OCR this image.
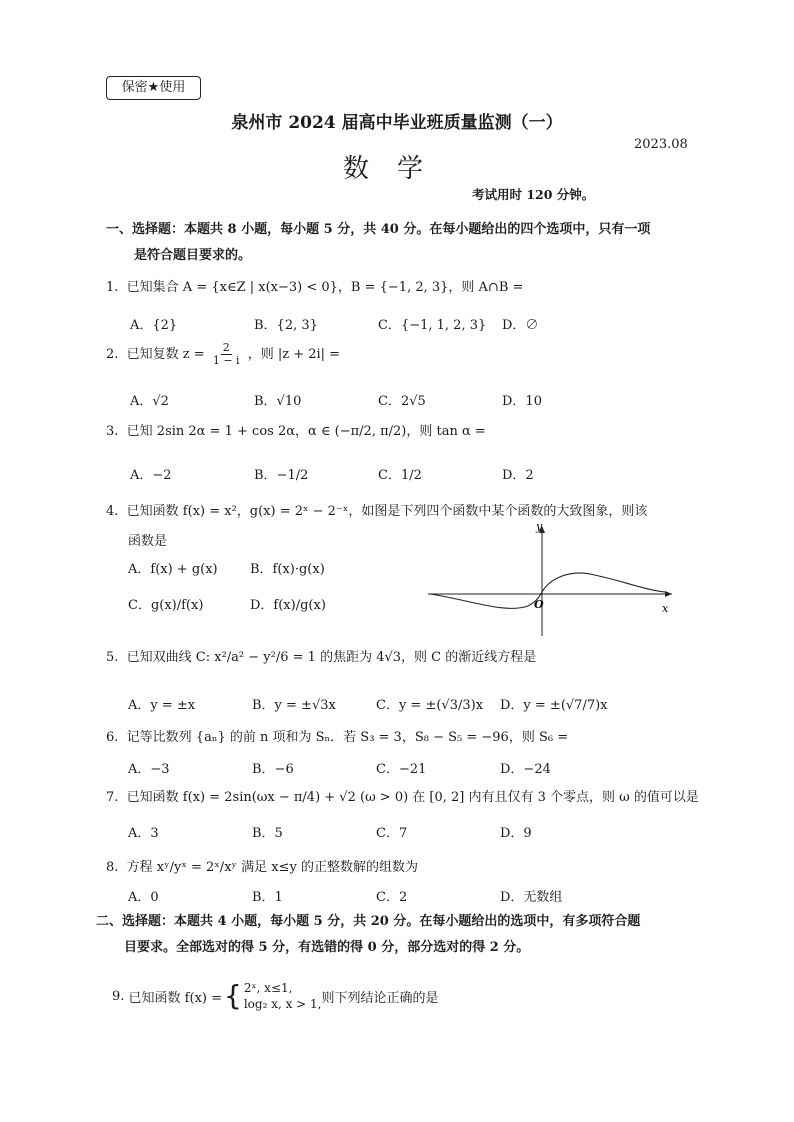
保密★使用
泉州市 2024 届高中毕业班质量监测（一）
2023.08
数学
考试用时 120 分钟。
一、选择题：本题共 8 小题，每小题 5 分，共 40 分。在每小题给出的四个选项中，只有一项
是符合题目要求的。
1. 已知集合 A = {x∈Z | x(x−3) < 0}，B = {−1, 2, 3}，则 A∩B =
A．{2}	B．{2, 3}	C．{−1, 1, 2, 3} D．∅
2. 已知复数 $z = \frac{2}{1 - i}$ ，则 |z + 2i| =
A．√2	B．√10	C．2√5	D．10
3. 已知 2sin 2α = 1 + cos 2α，α ∈ (−π/2, π/2)，则 tan α =
A．−2	B．−1/2	C．1/2	D．2
4. 已知函数 f(x) = x²，g(x) = 2ˣ − 2⁻ˣ，如图是下列四个函数中某个函数的大致图象，则该
函数是
A．f(x) + g(x) B．f(x)·g(x)
C．g(x)/f(x)	D．f(x)/g(x)
y
x
O
5. 已知双曲线 C: x²/a² − y²/6 = 1 的焦距为 4√3，则 C 的渐近线方程是
A．y = ±x	B．y = ±√3x	C．y = ±(√3/3)x D．y = ±(√7/7)x
6. 记等比数列 {aₙ} 的前 n 项和为 Sₙ．若 S₃ = 3，S₈ − S₅ = −96，则 S₆ =
A．−3	B．−6	C．−21	D．−24
7. 已知函数 f(x) = 2sin(ωx − π/4) + √2 (ω > 0) 在 [0, 2] 内有且仅有 3 个零点，则 ω 的值可以是
A．3	B．5	C．7	D．9
8. 方程 xʸ/yˣ = 2ˣ/xʸ 满足 x≤y 的正整数解的组数为
A．0	B．1	C．2	D．无数组
二、选择题：本题共 4 小题，每小题 5 分，共 20 分。在每小题给出的选项中，有多项符合题
目要求。全部选对的得 5 分，有选错的得 0 分，部分选对的得 2 分。
9.
已知函数 f(x) = { 2ˣ, x≤1,
log₂ x, x > 1, 则下列结论正确的是
